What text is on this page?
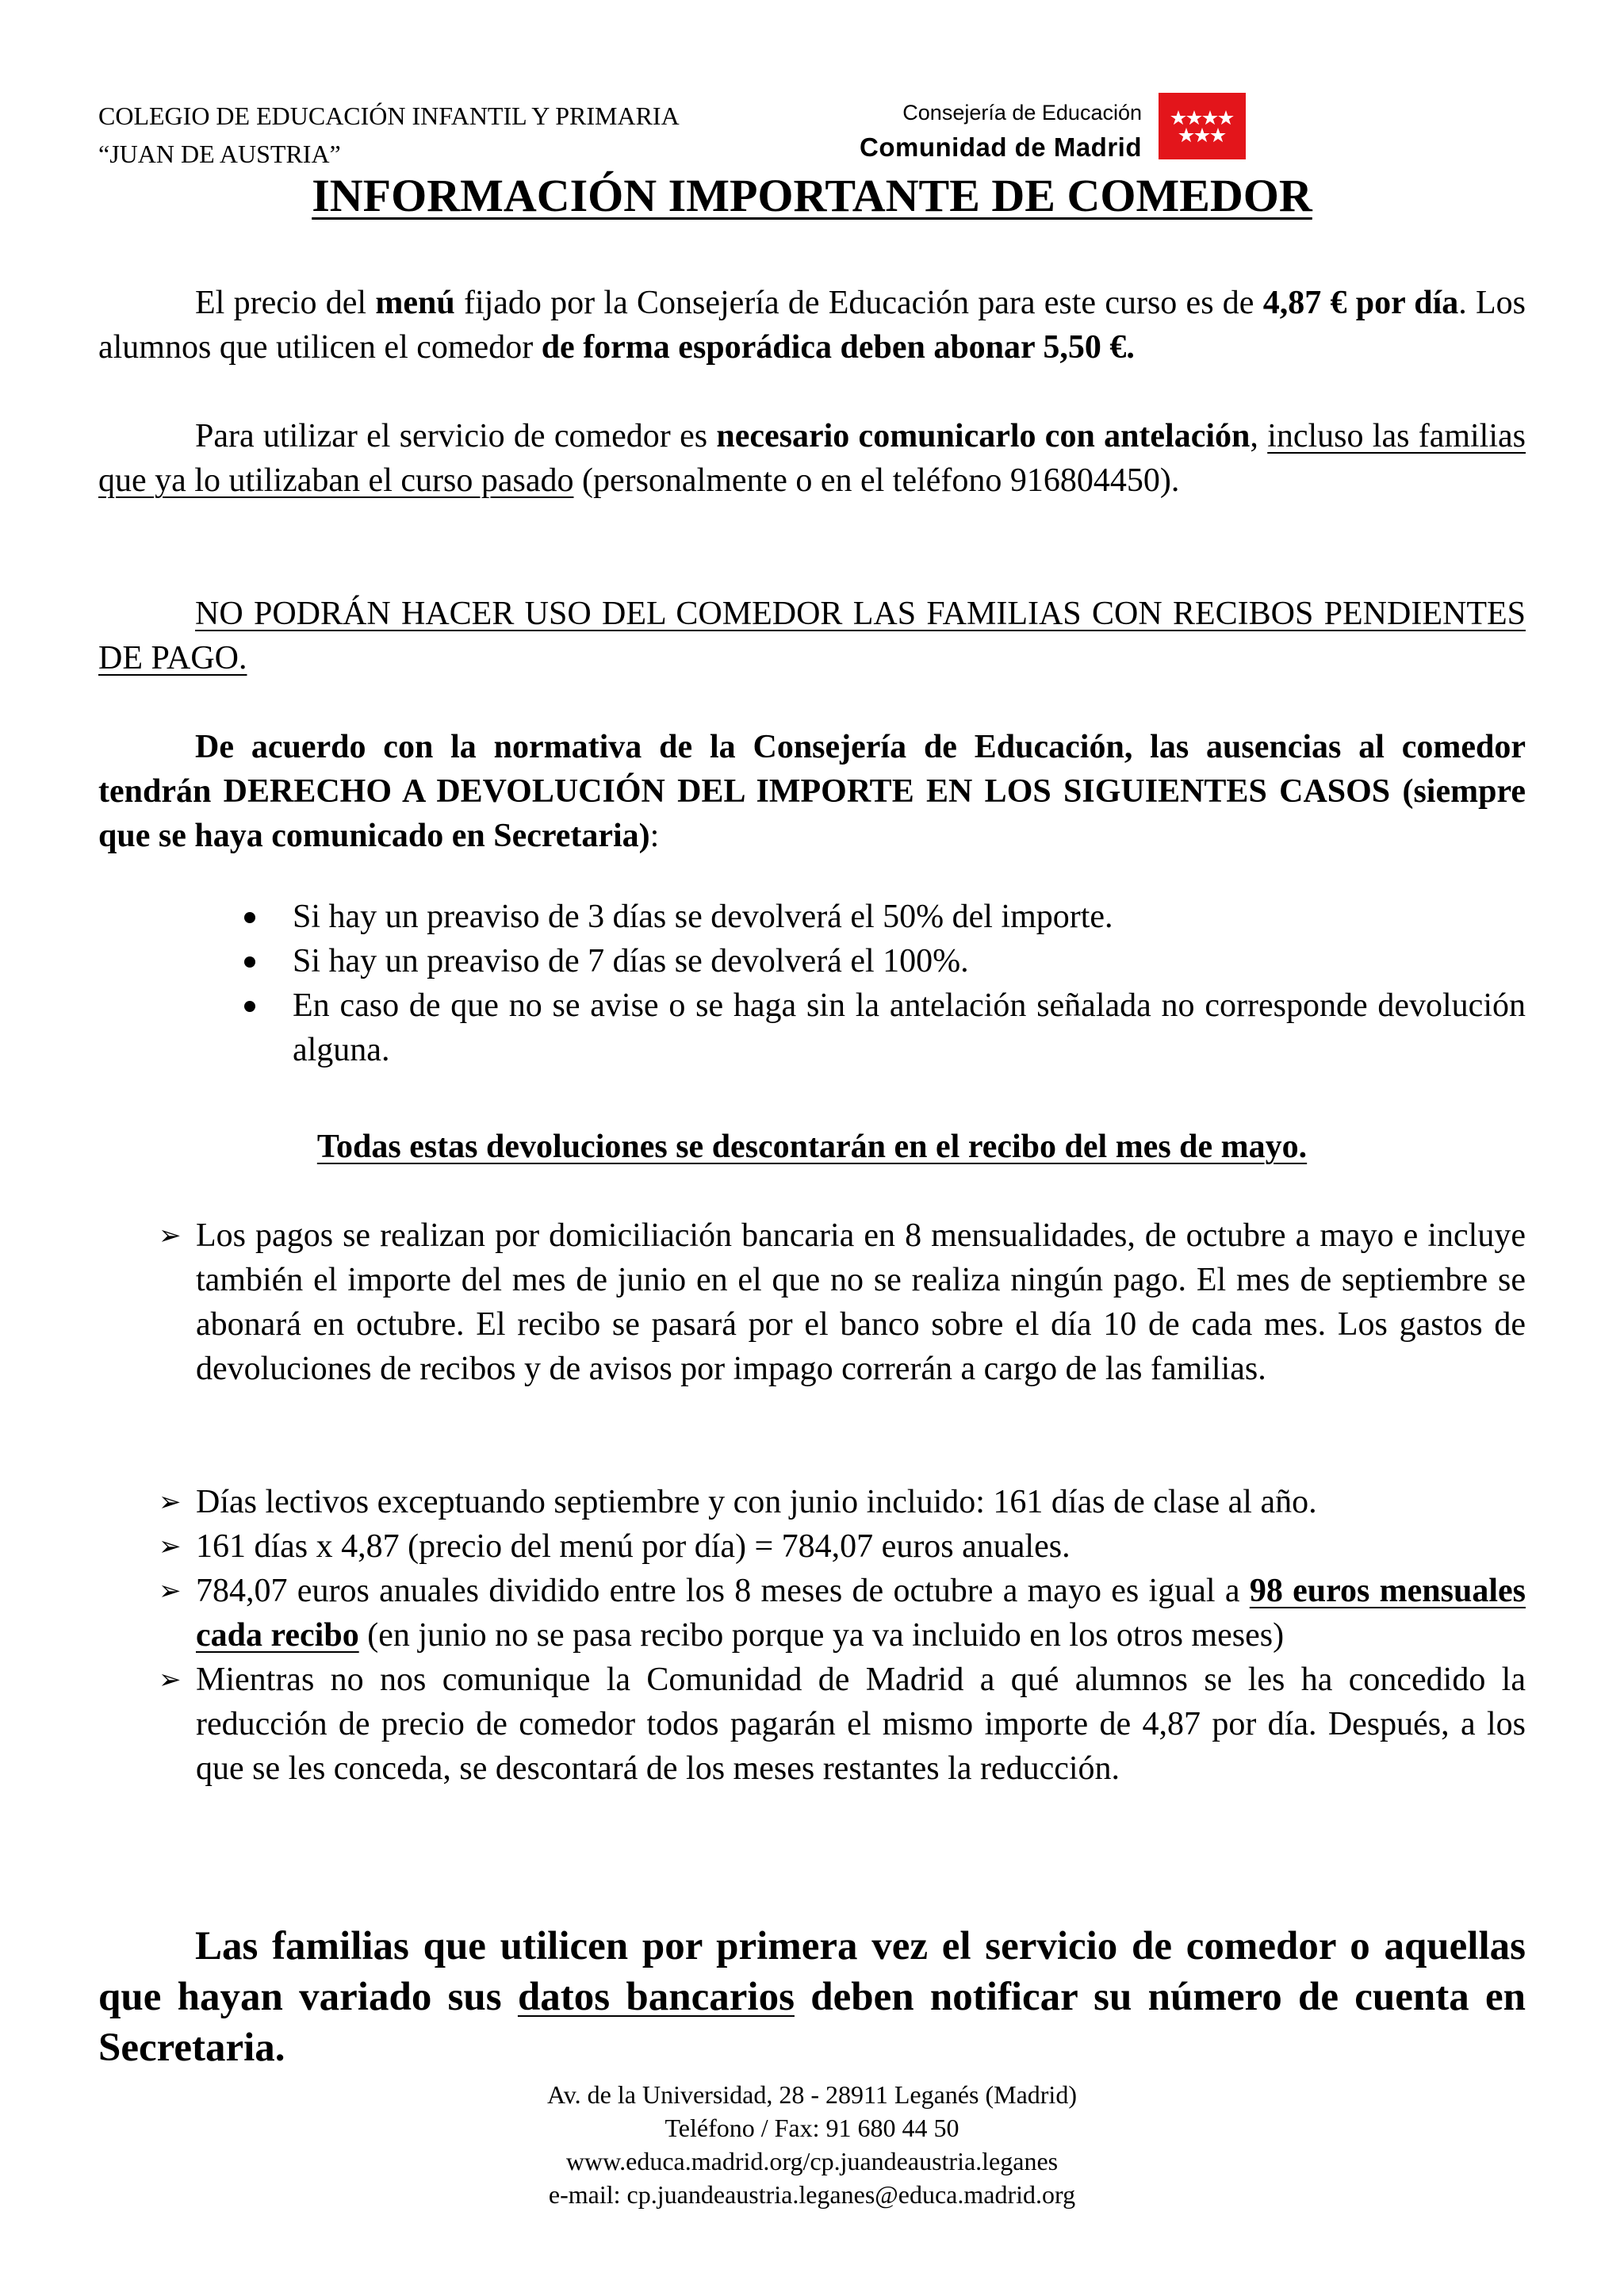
COLEGIO DE EDUCACIÓN INFANTIL Y PRIMARIA
“JUAN DE AUSTRIA”
Consejería de Educación
Comunidad de Madrid
INFORMACIÓN IMPORTANTE DE COMEDOR

El precio del menú fijado por la Consejería de Educación para este curso es de 4,87 € por día. Los alumnos que utilicen el comedor de forma esporádica deben abonar 5,50 €.

Para utilizar el servicio de comedor es necesario comunicarlo con antelación, incluso las familias que ya lo utilizaban el curso pasado (personalmente o en el teléfono 916804450).

NO PODRÁN HACER USO DEL COMEDOR LAS FAMILIAS CON RECIBOS PENDIENTES DE PAGO.

De acuerdo con la normativa de la Consejería de Educación, las ausencias al comedor tendrán DERECHO A DEVOLUCIÓN DEL IMPORTE EN LOS SIGUIENTES CASOS (siempre que se haya comunicado en Secretaria):

Si hay un preaviso de 3 días se devolverá el 50% del importe.
Si hay un preaviso de 7 días se devolverá el 100%.
En caso de que no se avise o se haga sin la antelación señalada no corresponde devolución alguna.
Todas estas devoluciones se descontarán en el recibo del mes de mayo.
➢ Los pagos se realizan por domiciliación bancaria en 8 mensualidades, de octubre a mayo e incluye también el importe del mes de junio en el que no se realiza ningún pago. El mes de septiembre se abonará en octubre. El recibo se pasará por el banco sobre el día 10 de cada mes. Los gastos de devoluciones de recibos y de avisos por impago correrán a cargo de las familias.
➢ Días lectivos exceptuando septiembre y con junio incluido: 161 días de clase al año.
➢ 161 días x 4,87 (precio del menú por día) = 784,07 euros anuales.
➢ 784,07 euros anuales dividido entre los 8 meses de octubre a mayo es igual a 98 euros mensuales cada recibo (en junio no se pasa recibo porque ya va incluido en los otros meses)
➢ Mientras no nos comunique la Comunidad de Madrid a qué alumnos se les ha concedido la reducción de precio de comedor todos pagarán el mismo importe de 4,87 por día. Después, a los que se les conceda, se descontará de los meses restantes la reducción.

Las familias que utilicen por primera vez el servicio de comedor o aquellas que hayan variado sus datos bancarios deben notificar su número de cuenta en Secretaria.

Av. de la Universidad, 28 - 28911 Leganés (Madrid)
Teléfono / Fax: 91 680 44 50
www.educa.madrid.org/cp.juandeaustria.leganes
e-mail: cp.juandeaustria.leganes@educa.madrid.org
